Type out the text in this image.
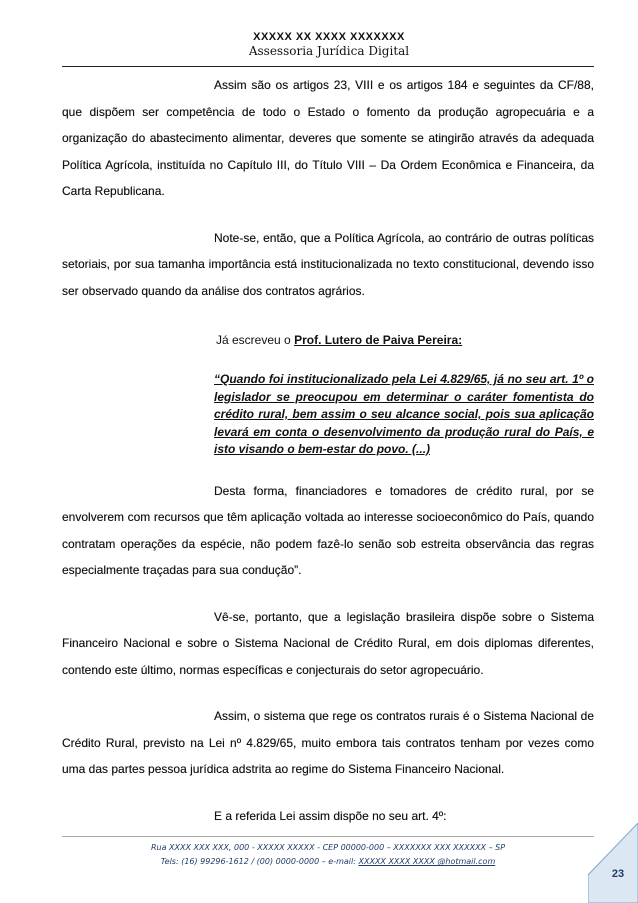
XXXXX XX XXXX XXXXXXX
Assessoria Jurídica Digital

Assim são os artigos 23, VIII e os artigos 184 e seguintes da CF/88, que dispõem ser competência de todo o Estado o fomento da produção agropecuária e a organização do abastecimento alimentar, deveres que somente se atingirão através da adequada Política Agrícola, instituída no Capítulo III, do Título VIII – Da Ordem Econômica e Financeira, da Carta Republicana.

Note-se, então, que a Política Agrícola, ao contrário de outras políticas setoriais, por sua tamanha importância está institucionalizada no texto constitucional, devendo isso ser observado quando da análise dos contratos agrários.

Já escreveu o Prof. Lutero de Paiva Pereira:

“Quando foi institucionalizado pela Lei 4.829/65, já no seu art. 1º o legislador se preocupou em determinar o caráter fomentista do crédito rural, bem assim o seu alcance social, pois sua aplicação levará em conta o desenvolvimento da produção rural do País, e isto visando o bem-estar do povo. (...)

Desta forma, financiadores e tomadores de crédito rural, por se envolverem com recursos que têm aplicação voltada ao interesse socioeconômico do País, quando contratam operações da espécie, não podem fazê-lo senão sob estreita observância das regras especialmente traçadas para sua condução”.

Vê-se, portanto, que a legislação brasileira dispõe sobre o Sistema Financeiro Nacional e sobre o Sistema Nacional de Crédito Rural, em dois diplomas diferentes, contendo este último, normas específicas e conjecturais do setor agropecuário.

Assim, o sistema que rege os contratos rurais é o Sistema Nacional de Crédito Rural, previsto na Lei nº 4.829/65, muito embora tais contratos tenham por vezes como uma das partes pessoa jurídica adstrita ao regime do Sistema Financeiro Nacional.

E a referida Lei assim dispõe no seu art. 4º:

Rua XXXX XXX XXX, 000 - XXXXX XXXXX - CEP 00000-000 – XXXXXXX XXX XXXXXX – SP
Tels: (16) 99296-1612 / (00) 0000-0000 – e-mail: XXXXX XXXX XXXX @hotmail.com
23
